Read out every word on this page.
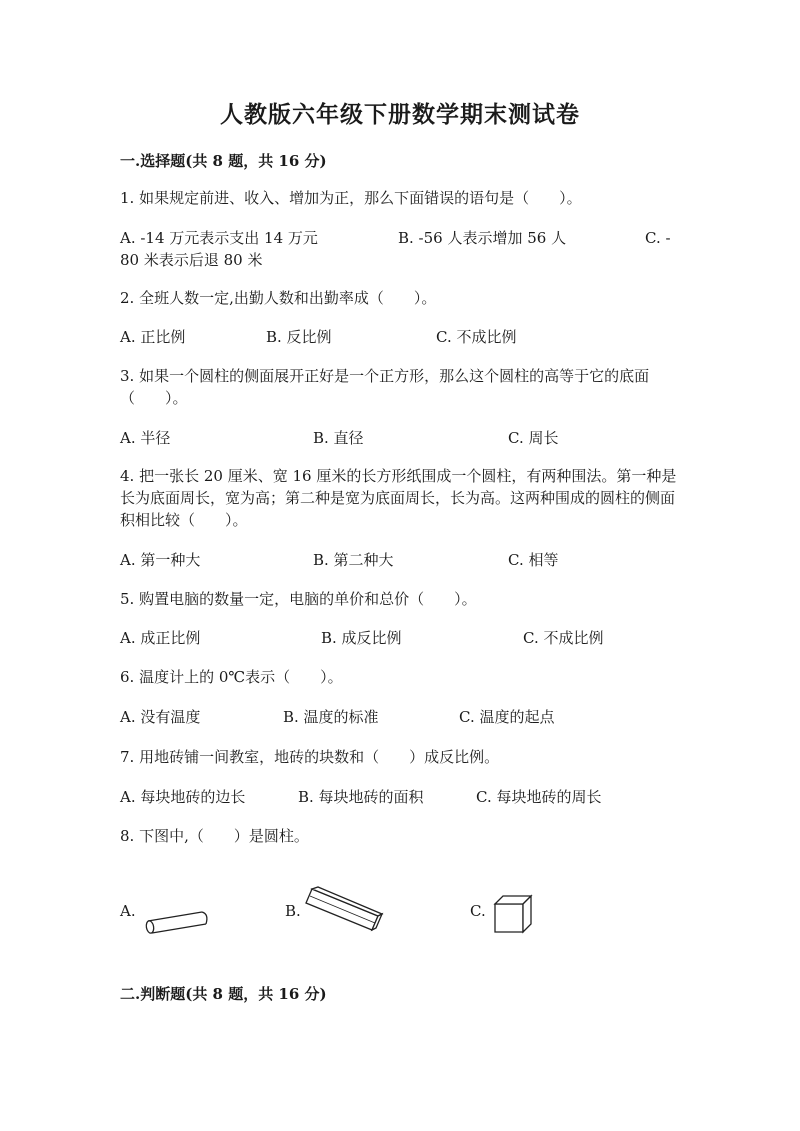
人教版六年级下册数学期末测试卷
一.选择题(共 8 题，共 16 分)
1. 如果规定前进、收入、增加为正，那么下面错误的语句是（　　）。
A. -14 万元表示支出 14 万元	B. -56 人表示增加 56 人	C. -
80 米表示后退 80 米
2. 全班人数一定,出勤人数和出勤率成（　　）。
A. 正比例	B. 反比例	C. 不成比例
3. 如果一个圆柱的侧面展开正好是一个正方形，那么这个圆柱的高等于它的底面（　　）。
A. 半径	B. 直径	C. 周长
4. 把一张长 20 厘米、宽 16 厘米的长方形纸围成一个圆柱，有两种围法。第一种是长为底面周长，宽为高；第二种是宽为底面周长，长为高。这两种围成的圆柱的侧面积相比较（　　）。
A. 第一种大	B. 第二种大	C. 相等
5. 购置电脑的数量一定，电脑的单价和总价（　　）。
A. 成正比例	B. 成反比例	C. 不成比例
6. 温度计上的 0℃表示（　　）。
A. 没有温度	B. 温度的标准	C. 温度的起点
7. 用地砖铺一间教室，地砖的块数和（　　）成反比例。
A. 每块地砖的边长	B. 每块地砖的面积	C. 每块地砖的周长
8. 下图中,（　　）是圆柱。
A.	B.	C.
二.判断题(共 8 题，共 16 分)
